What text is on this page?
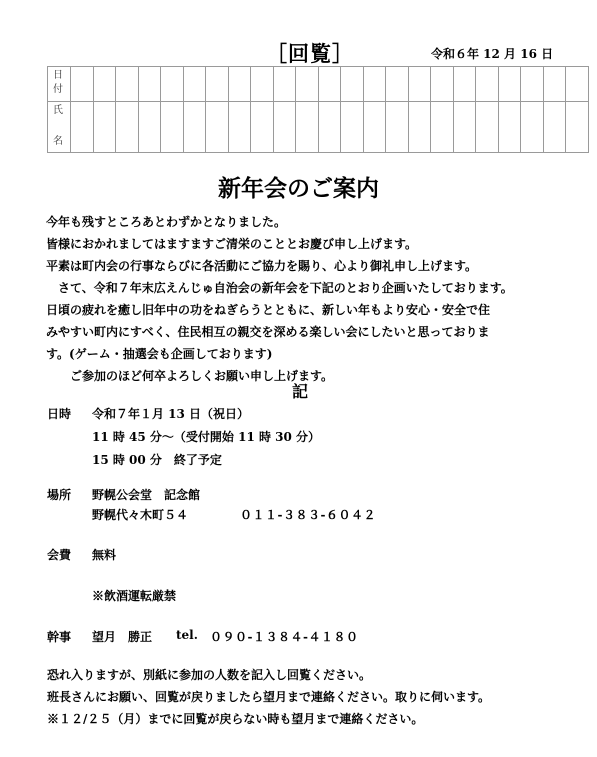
［回覧］	令和６年 12 月 16 日
日
付																							

氏
名																							

新年会のご案内
今年も残すところあとわずかとなりました。
皆様におかれましてはますますご清栄のこととお慶び申し上げます。
平素は町内会の行事ならびに各活動にご協力を賜り、心より御礼申し上げます。
　さて、令和７年末広えんじゅ自治会の新年会を下記のとおり企画いたしております。
日頃の疲れを癒し旧年中の功をねぎらうとともに、新しい年もより安心・安全で住
みやすい町内にすべく、住民相互の親交を深める楽しい会にしたいと思っておりま
す。(ゲーム・抽選会も企画しております)
　　ご参加のほど何卒よろしくお願い申し上げます。
記
日時 令和７年１月 13 日（祝日）
11 時 45 分～（受付開始 11 時 30 分）
15 時 00 分　終了予定
場所 野幌公会堂　記念館
野幌代々木町５４	０１１-３８３-６０４２
会費 無料
※飲酒運転厳禁
幹事 望月　勝正 tel. ０９０-１３８４-４１８０
恐れ入りますが、別紙に参加の人数を記入し回覧ください。
班長さんにお願い、回覧が戻りましたら望月まで連絡ください。取りに伺います。
※１２/２５（月）までに回覧が戻らない時も望月まで連絡ください。
